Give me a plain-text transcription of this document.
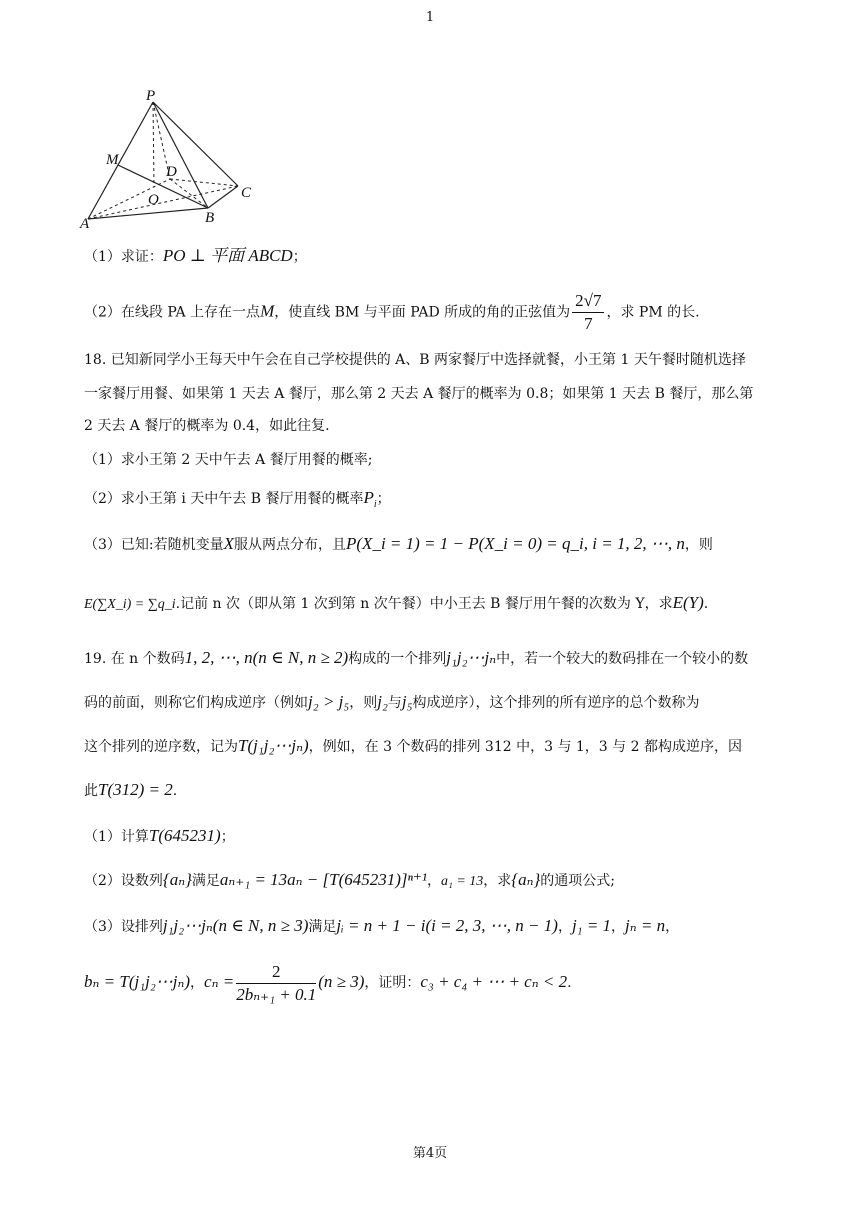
1
P
M
D
C
O
A	B
（1）求证：PO ⊥ 平面 ABCD；
（2）在线段 PA 上存在一点M，使直线 BM 与平面 PAD 所成的角的正弦值为 $\frac{2√7}{7}$ ，求 PM 的长.
18. 已知新同学小王每天中午会在自己学校提供的 A、B 两家餐厅中选择就餐，小王第 1 天午餐时随机选择
一家餐厅用餐、如果第 1 天去 A 餐厅，那么第 2 天去 A 餐厅的概率为 0.8；如果第 1 天去 B 餐厅，那么第
2 天去 A 餐厅的概率为 0.4，如此往复.
（1）求小王第 2 天中午去 A 餐厅用餐的概率;
（2）求小王第 i 天中午去 B 餐厅用餐的概率$P_i$；
（3）已知:若随机变量X服从两点分布，且P(X_i = 1) = 1 − P(X_i = 0) = q_i, i = 1, 2, ⋯, n，则
E(∑X_i) = ∑q_i.记前 n 次（即从第 1 次到第 n 次午餐）中小王去 B 餐厅用午餐的次数为 Y，求E(Y).
19. 在 n 个数码1, 2, ⋯, n(n ∈ N, n ≥ 2)构成的一个排列j₁j₂⋯jₙ中，若一个较大的数码排在一个较小的数
码的前面，则称它们构成逆序（例如j₂ > j₅，则j₂与j₅构成逆序），这个排列的所有逆序的总个数称为
这个排列的逆序数，记为T(j₁j₂⋯jₙ)，例如，在 3 个数码的排列 312 中，3 与 1，3 与 2 都构成逆序，因
此T(312) = 2.
（1）计算T(645231)；
（2）设数列{aₙ}满足aₙ₊₁ = 13aₙ − [T(645231)]ⁿ⁺¹，a₁ = 13，求{aₙ}的通项公式;
（3）设排列j₁j₂⋯jₙ(n ∈ N, n ≥ 3)满足jᵢ = n + 1 − i(i = 2, 3, ⋯, n − 1)，j₁ = 1，jₙ = n，
bₙ = T(j₁j₂⋯jₙ)，$c_n = \frac{2}{\text{2bₙ₊₁ + 0.1}} (n \ge 3)$，证明：c₃ + c₄ + ⋯ + cₙ < 2.
第4页
